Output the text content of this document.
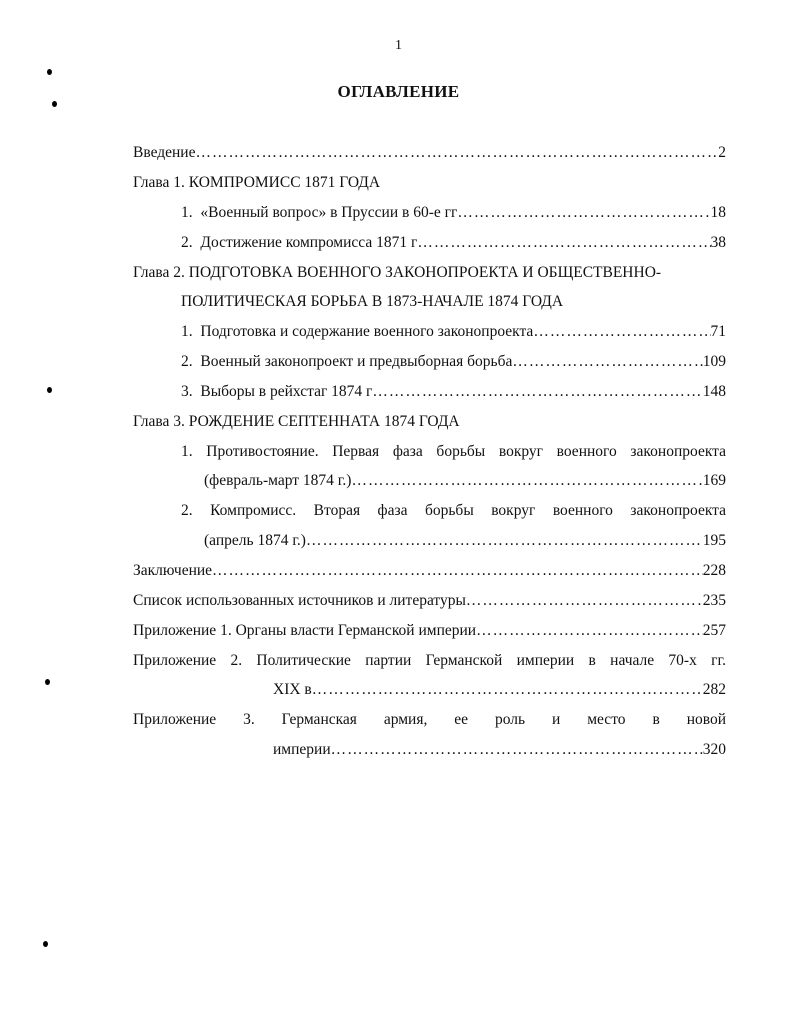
1
ОГЛАВЛЕНИЕ
Введение ………………………………………………………………………………………………………………………………………………………………	2
Глава 1. КОМПРОМИСС 1871 ГОДА
1.  «Военный вопрос» в Пруссии в 60-е гг ………………………………………………………………………………………………………………………………………………………………	18
2.  Достижение компромисса 1871 г ………………………………………………………………………………………………………………………………………………………………	38
Глава 2. ПОДГОТОВКА ВОЕННОГО ЗАКОНОПРОЕКТА И ОБЩЕСТВЕННО-
ПОЛИТИЧЕСКАЯ БОРЬБА В 1873-НАЧАЛЕ 1874 ГОДА
1.  Подготовка и содержание военного законопроекта ………………………………………………………………………………………………………………………………………………………………	71
2.  Военный законопроект и предвыборная борьба ………………………………………………………………………………………………………………………………………………………………	109
3.  Выборы в рейхстаг 1874 г ………………………………………………………………………………………………………………………………………………………………	148
Глава 3. РОЖДЕНИЕ СЕПТЕННАТА 1874 ГОДА
1. Противостояние. Первая фаза борьбы вокруг военного законопроекта
(февраль-март 1874 г.) ………………………………………………………………………………………………………………………………………………………………	169
2. Компромисс. Вторая фаза борьбы вокруг военного законопроекта
(апрель 1874 г.) ………………………………………………………………………………………………………………………………………………………………	195
Заключение ………………………………………………………………………………………………………………………………………………………………	228
Список использованных источников и литературы ………………………………………………………………………………………………………………………………………………………………	235
Приложение 1. Органы власти Германской империи ………………………………………………………………………………………………………………………………………………………………	257
Приложение 2. Политические партии Германской империи в начале 70-х гг.
XIX в ………………………………………………………………………………………………………………………………………………………………	282
Приложение 3. Германская армия, ее роль и место в новой
империи ………………………………………………………………………………………………………………………………………………………………	320
